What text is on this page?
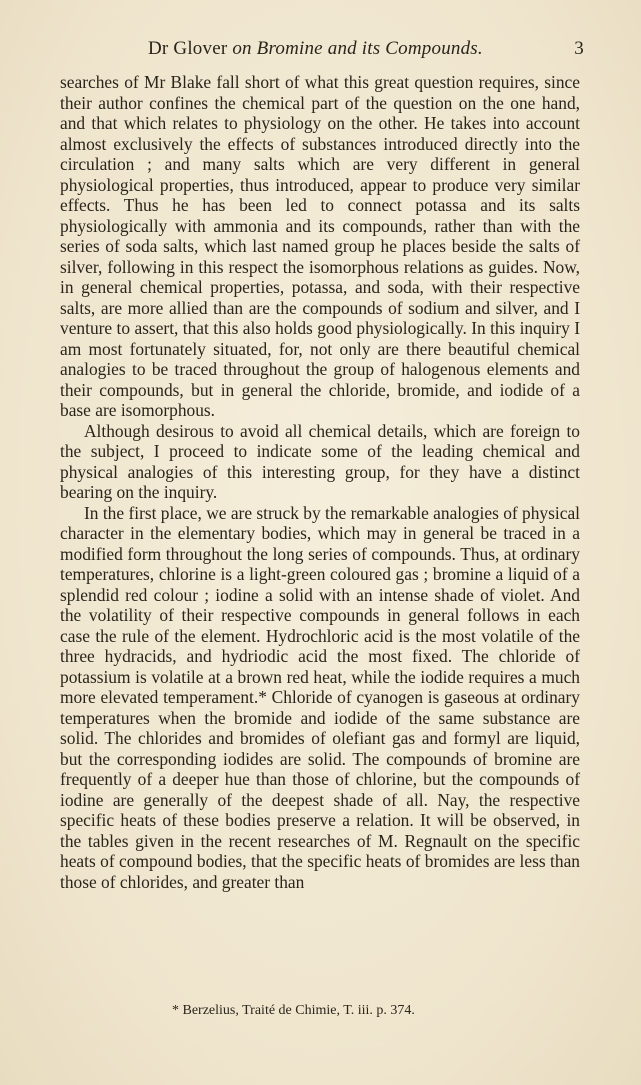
Dr Glover on Bromine and its Compounds.	3

searches of Mr Blake fall short of what this great question requires, since their author confines the chemical part of the question on the one hand, and that which relates to physiology on the other. He takes into account almost exclusively the effects of substances introduced directly into the circulation ; and many salts which are very different in general physiological properties, thus introduced, appear to produce very similar effects. Thus he has been led to connect potassa and its salts physiologically with ammonia and its compounds, rather than with the series of soda salts, which last named group he places beside the salts of silver, following in this respect the isomorphous relations as guides. Now, in general chemical properties, potassa, and soda, with their respective salts, are more allied than are the compounds of sodium and silver, and I venture to assert, that this also holds good physiologically. In this inquiry I am most fortunately situated, for, not only are there beautiful chemical analogies to be traced throughout the group of halogenous elements and their compounds, but in general the chloride, bromide, and iodide of a base are isomorphous.

Although desirous to avoid all chemical details, which are foreign to the subject, I proceed to indicate some of the leading chemical and physical analogies of this interesting group, for they have a distinct bearing on the inquiry.

In the first place, we are struck by the remarkable analogies of physical character in the elementary bodies, which may in general be traced in a modified form throughout the long series of compounds. Thus, at ordinary temperatures, chlorine is a light-green coloured gas ; bromine a liquid of a splendid red colour ; iodine a solid with an intense shade of violet. And the volatility of their respective compounds in general follows in each case the rule of the element. Hydrochloric acid is the most volatile of the three hydracids, and hydriodic acid the most fixed. The chloride of potassium is volatile at a brown red heat, while the iodide requires a much more elevated temperament.* Chloride of cyanogen is gaseous at ordinary temperatures when the bromide and iodide of the same substance are solid. The chlorides and bromides of olefiant gas and formyl are liquid, but the corresponding iodides are solid. The compounds of bromine are frequently of a deeper hue than those of chlorine, but the compounds of iodine are generally of the deepest shade of all. Nay, the respective specific heats of these bodies preserve a relation. It will be observed, in the tables given in the recent researches of M. Regnault on the specific heats of compound bodies, that the specific heats of bromides are less than those of chlorides, and greater than

* Berzelius, Traité de Chimie, T. iii. p. 374.
